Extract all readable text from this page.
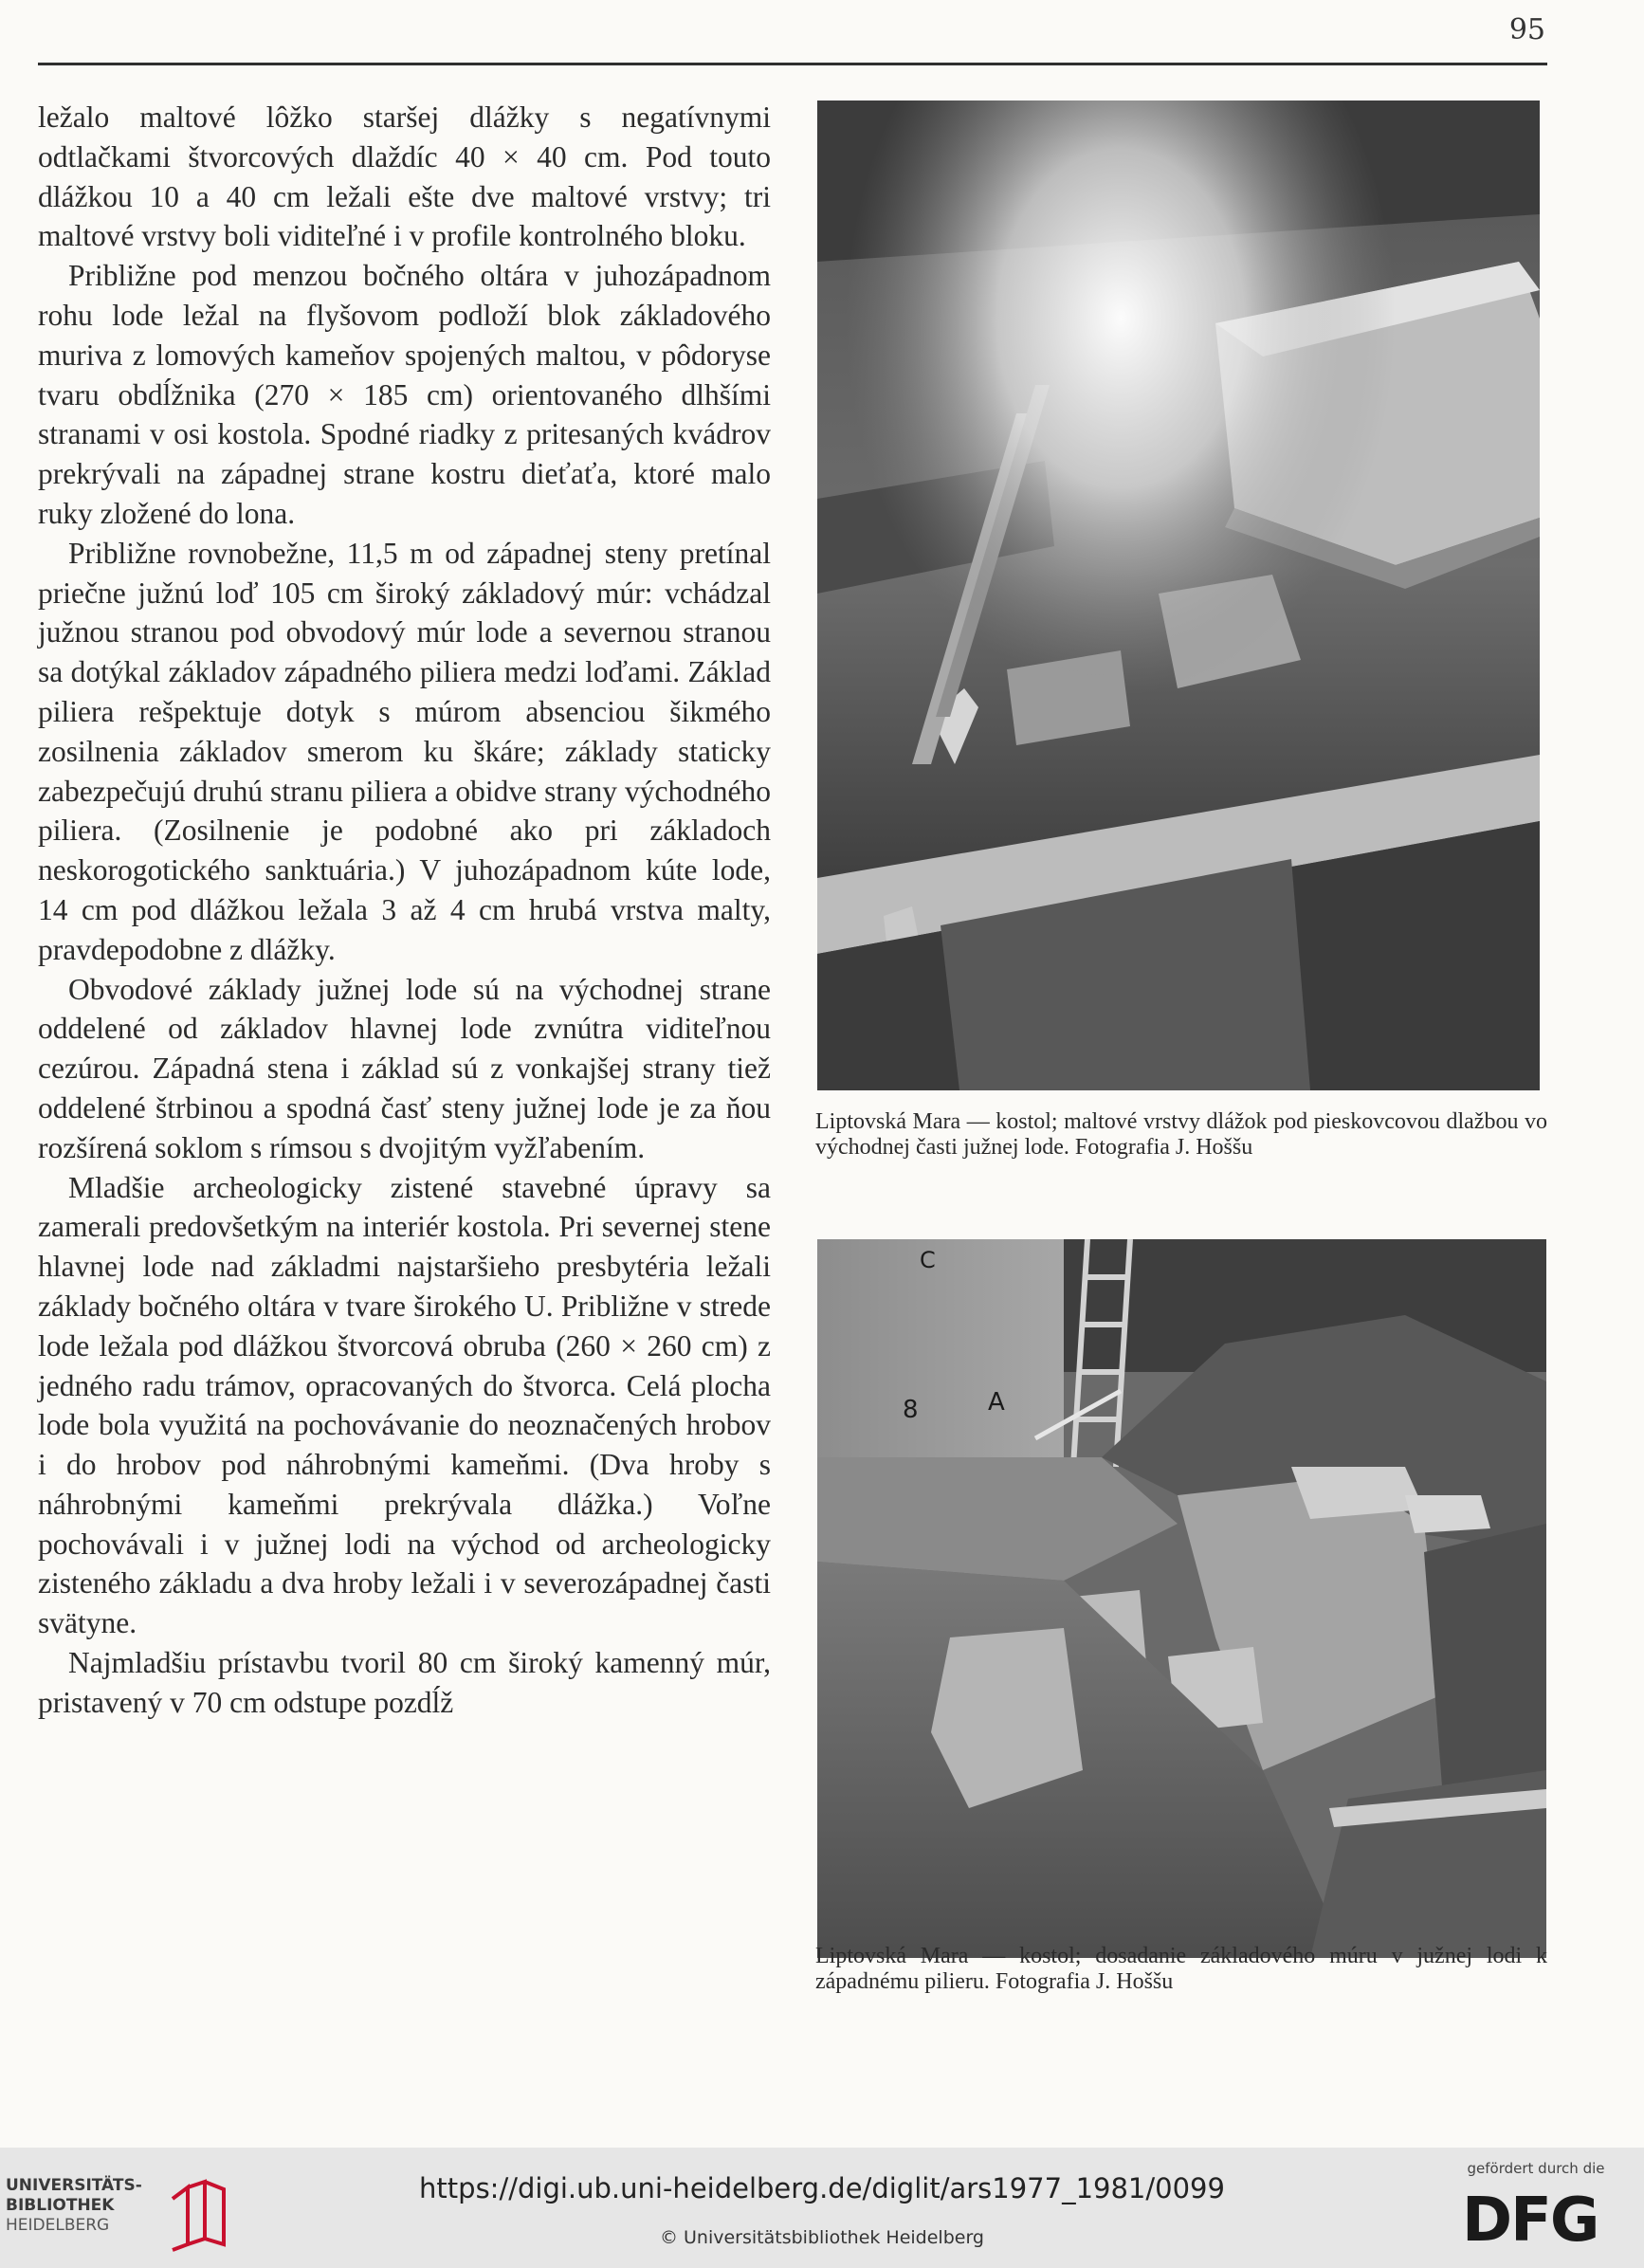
95

ležalo maltové lôžko staršej dlážky s negatívnymi odtlačkami štvorcových dlaždíc 40 × 40 cm. Pod touto dlážkou 10 a 40 cm ležali ešte dve maltové vrstvy; tri maltové vrstvy boli viditeľné i v profile kontrolného bloku.

Približne pod menzou bočného oltára v juhozápadnom rohu lode ležal na flyšovom podloží blok základového muriva z lomových kameňov spojených maltou, v pôdoryse tvaru obdĺžnika (270 × 185 cm) orientovaného dlhšími stranami v osi kostola. Spodné riadky z pritesaných kvádrov prekrývali na západnej strane kostru dieťaťa, ktoré malo ruky zložené do lona.

Približne rovnobežne, 11,5 m od západnej steny pretínal priečne južnú loď 105 cm široký základový múr: vchádzal južnou stranou pod obvodový múr lode a severnou stranou sa dotýkal základov západného piliera medzi loďami. Základ piliera rešpektuje dotyk s múrom absenciou šikmého zosilnenia základov smerom ku škáre; základy staticky zabezpečujú druhú stranu piliera a obidve strany východného piliera. (Zosilnenie je podobné ako pri základoch neskorogotického sanktuária.) V juhozápadnom kúte lode, 14 cm pod dlážkou ležala 3 až 4 cm hrubá vrstva malty, pravdepodobne z dlážky.

Obvodové základy južnej lode sú na východnej strane oddelené od základov hlavnej lode zvnútra viditeľnou cezúrou. Západná stena i základ sú z vonkajšej strany tiež oddelené štrbinou a spodná časť steny južnej lode je za ňou rozšírená soklom s rímsou s dvojitým vyžľabením.

Mladšie archeologicky zistené stavebné úpravy sa zamerali predovšetkým na interiér kostola. Pri severnej stene hlavnej lode nad základmi najstaršieho presbytéria ležali základy bočného oltára v tvare širokého U. Približne v strede lode ležala pod dlážkou štvorcová obruba (260 × 260 cm) z jedného radu trámov, opracovaných do štvorca. Celá plocha lode bola využitá na pochovávanie do neoznačených hrobov i do hrobov pod náhrobnými kameňmi. (Dva hroby s náhrobnými kameňmi prekrývala dlážka.) Voľne pochovávali i v južnej lodi na východ od archeologicky zisteného základu a dva hroby ležali i v severozápadnej časti svätyne.

Najmladšiu prístavbu tvoril 80 cm široký kamenný múr, pristavený v 70 cm odstupe pozdĺž

Liptovská Mara — kostol; maltové vrstvy dlážok pod pieskovcovou dlažbou vo východnej časti južnej lode. Fotografia J. Hoššu
C
8	A
Liptovská Mara — kostol; dosadanie základového múru v južnej lodi k západnému pilieru. Fotografia J. Hoššu
UNIVERSITÄTS-
BIBLIOTHEK
HEIDELBERG
https://digi.ub.uni-heidelberg.de/diglit/ars1977_1981/0099
© Universitätsbibliothek Heidelberg
gefördert durch die
DFG
